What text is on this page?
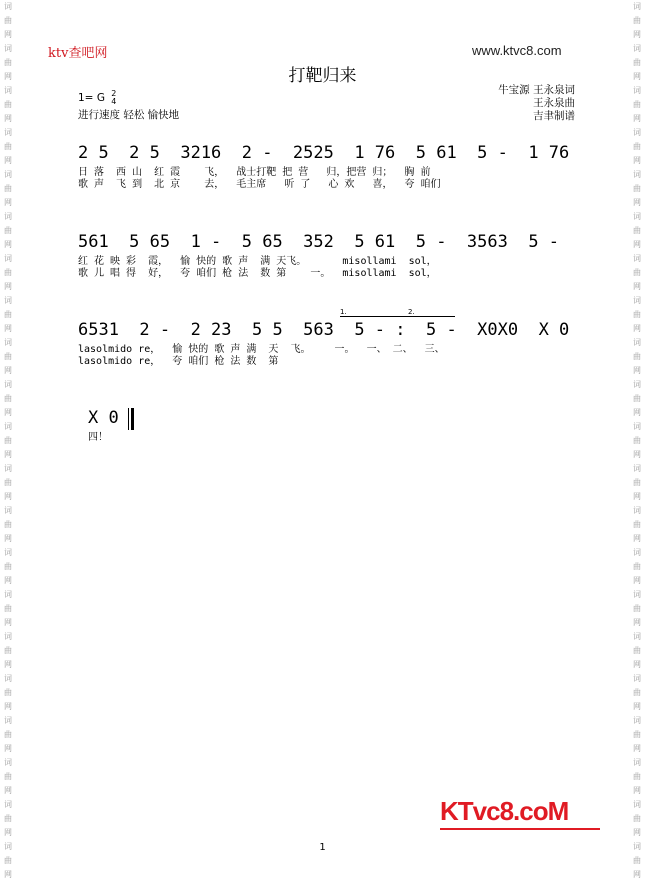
词
曲
网
词
曲
网
词
曲
网
词
曲
网
词
曲
网
词
曲
网
词
曲
网
词
曲
网
词
曲
网
词
曲
网
词
曲
网
词
曲
网
词
曲
网
词
曲
网
词
曲
网
词
曲
网
词
曲
网
词
曲
网
词
曲
网
词
曲
网
词
曲
网
词
曲
网
词
曲
网
词
曲
网
词
曲
网
词
曲
网
词
曲
网
词
曲
网
词
曲
网
词
曲
网
词
曲
网
词
曲
网
词
曲
网
词
曲
网
词
曲
网
词
曲
网
词
曲
网
词
曲
网
词
曲
网
词
曲
网
词
曲
网
词
曲
网
ktv查吧网	www.ktvc8.com
打靶归来
1= G 2
4
进行速度 轻松 愉快地
牛宝源 王永泉词
王永泉曲
吉聿制谱
2 5  2 5  3216  2 -  2525  1 76  5 61  5 -  1 76
日 落  西 山  红 霞    飞，  战士打靶 把 营   归，把营 归；  胸 前
歌 声  飞 到  北 京    去，  毛主席   听 了   心 欢   喜，  夸 咱们
561  5 65  1 -  5 65  352  5 61  5 -  3563  5 -
红 花 映 彩  霞，  愉 快的 歌 声  满 天飞。      misollami  sol，
歌 儿 唱 得  好，  夸 咱们 枪 法  数 第    一。  misollami  sol，
1.	2.
6531  2 -  2 23  5 5  563  5 - :  5 -  X0X0  X 0
lasolmido re，  愉 快的 歌 声 满  天  飞。    一。  一、 二、  三、
lasolmido re，  夸 咱们 枪 法 数  第
X 0
四！
KTvc8.coM
1
